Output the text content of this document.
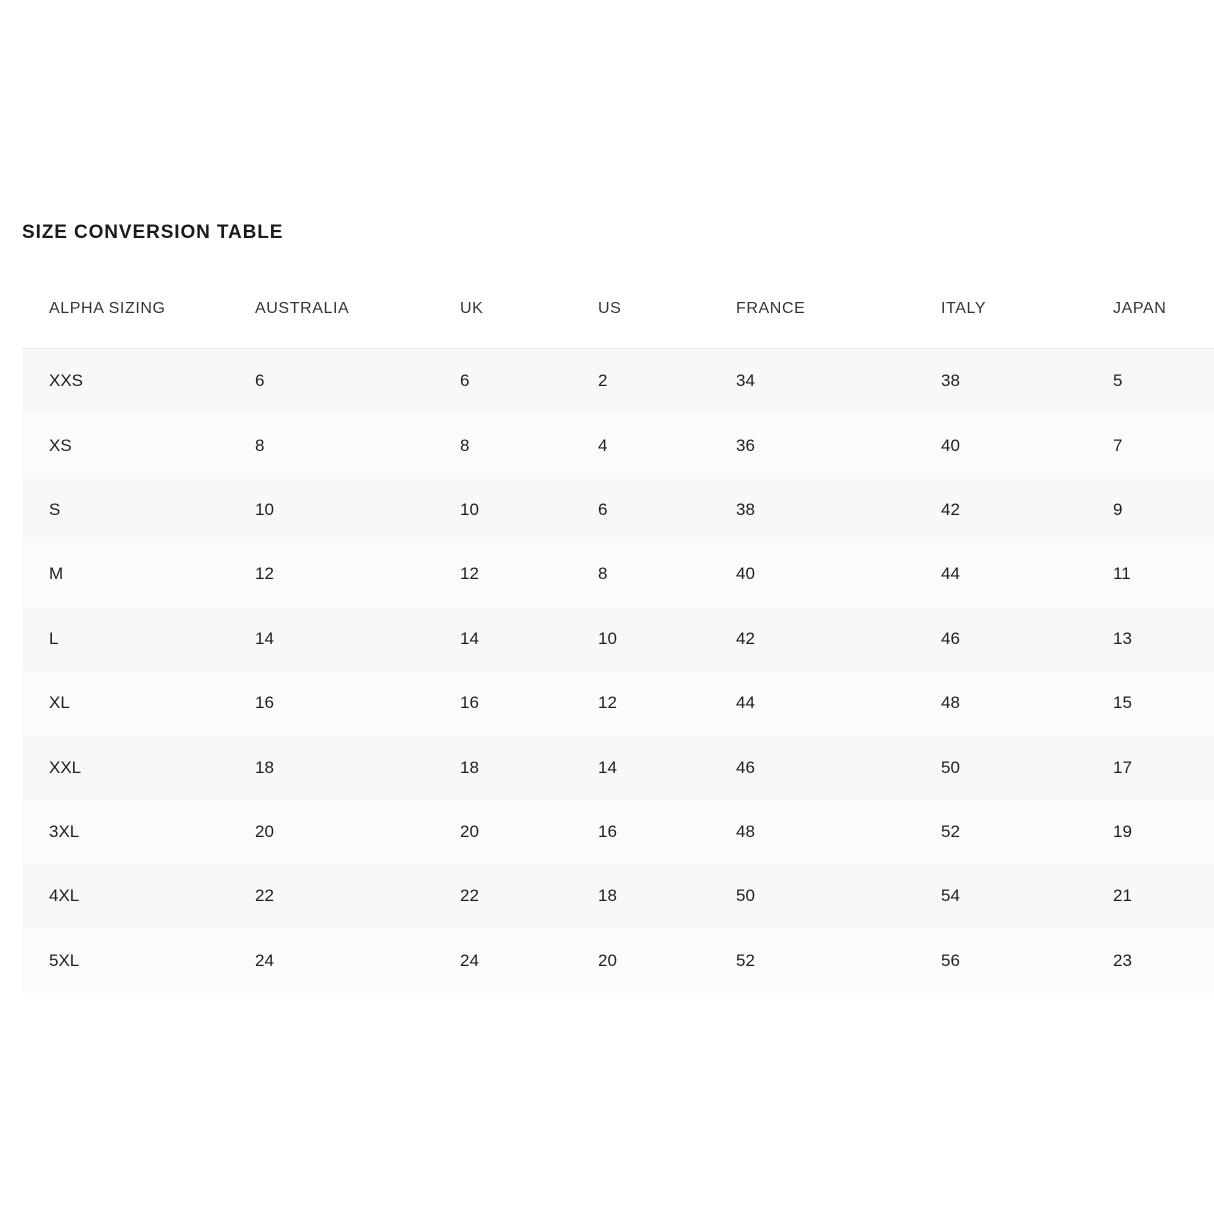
SIZE CONVERSION TABLE
ALPHA SIZING	AUSTRALIA	UK	US	FRANCE	ITALY	JAPAN
XXS	6	6	2	34	38	5
XS	8	8	4	36	40	7
S	10	10	6	38	42	9
M	12	12	8	40	44	11
L	14	14	10	42	46	13
XL	16	16	12	44	48	15
XXL	18	18	14	46	50	17
3XL	20	20	16	48	52	19
4XL	22	22	18	50	54	21
5XL	24	24	20	52	56	23
